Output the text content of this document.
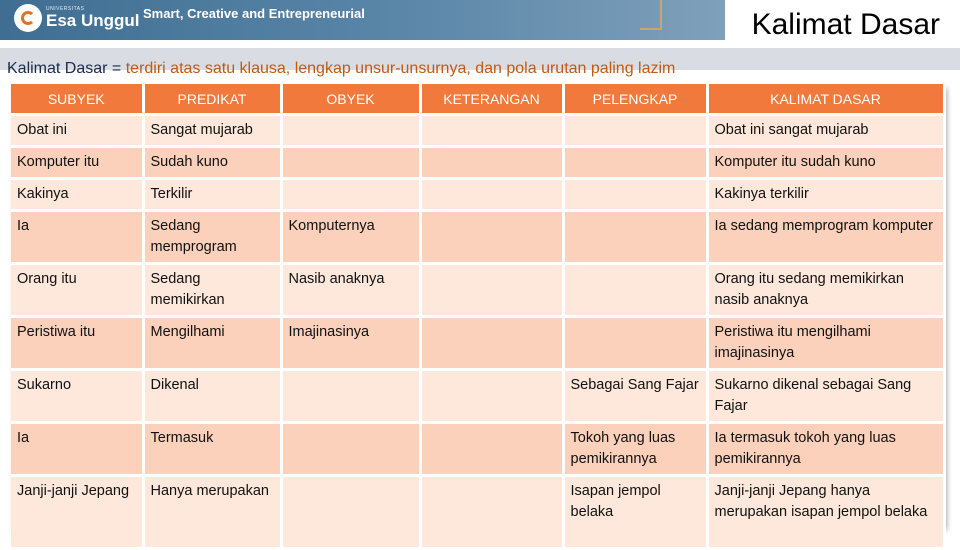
UNIVERSITAS
Esa Unggul Smart, Creative and Entrepreneurial	Kalimat Dasar
Kalimat Dasar = terdiri atas satu klausa, lengkap unsur-unsurnya, dan pola urutan paling lazim
SUBYEK	PREDIKAT	OBYEK	KETERANGAN	PELENGKAP	KALIMAT DASAR
Obat ini	Sangat mujarab				Obat ini sangat mujarab
Komputer itu	Sudah kuno				Komputer itu sudah kuno
Kakinya	Terkilir				Kakinya terkilir
Ia	Sedang memprogram	Komputernya			Ia sedang memprogram komputer
Orang itu	Sedang memikirkan	Nasib anaknya			Orang itu sedang memikirkan nasib anaknya
Peristiwa itu	Mengilhami	Imajinasinya			Peristiwa itu mengilhami imajinasinya
Sukarno	Dikenal			Sebagai Sang Fajar	Sukarno dikenal sebagai Sang Fajar
Ia	Termasuk			Tokoh yang luas pemikirannya	Ia termasuk tokoh yang luas pemikirannya
Janji-janji Jepang	Hanya merupakan			Isapan jempol belaka	Janji-janji Jepang hanya merupakan isapan jempol belaka
